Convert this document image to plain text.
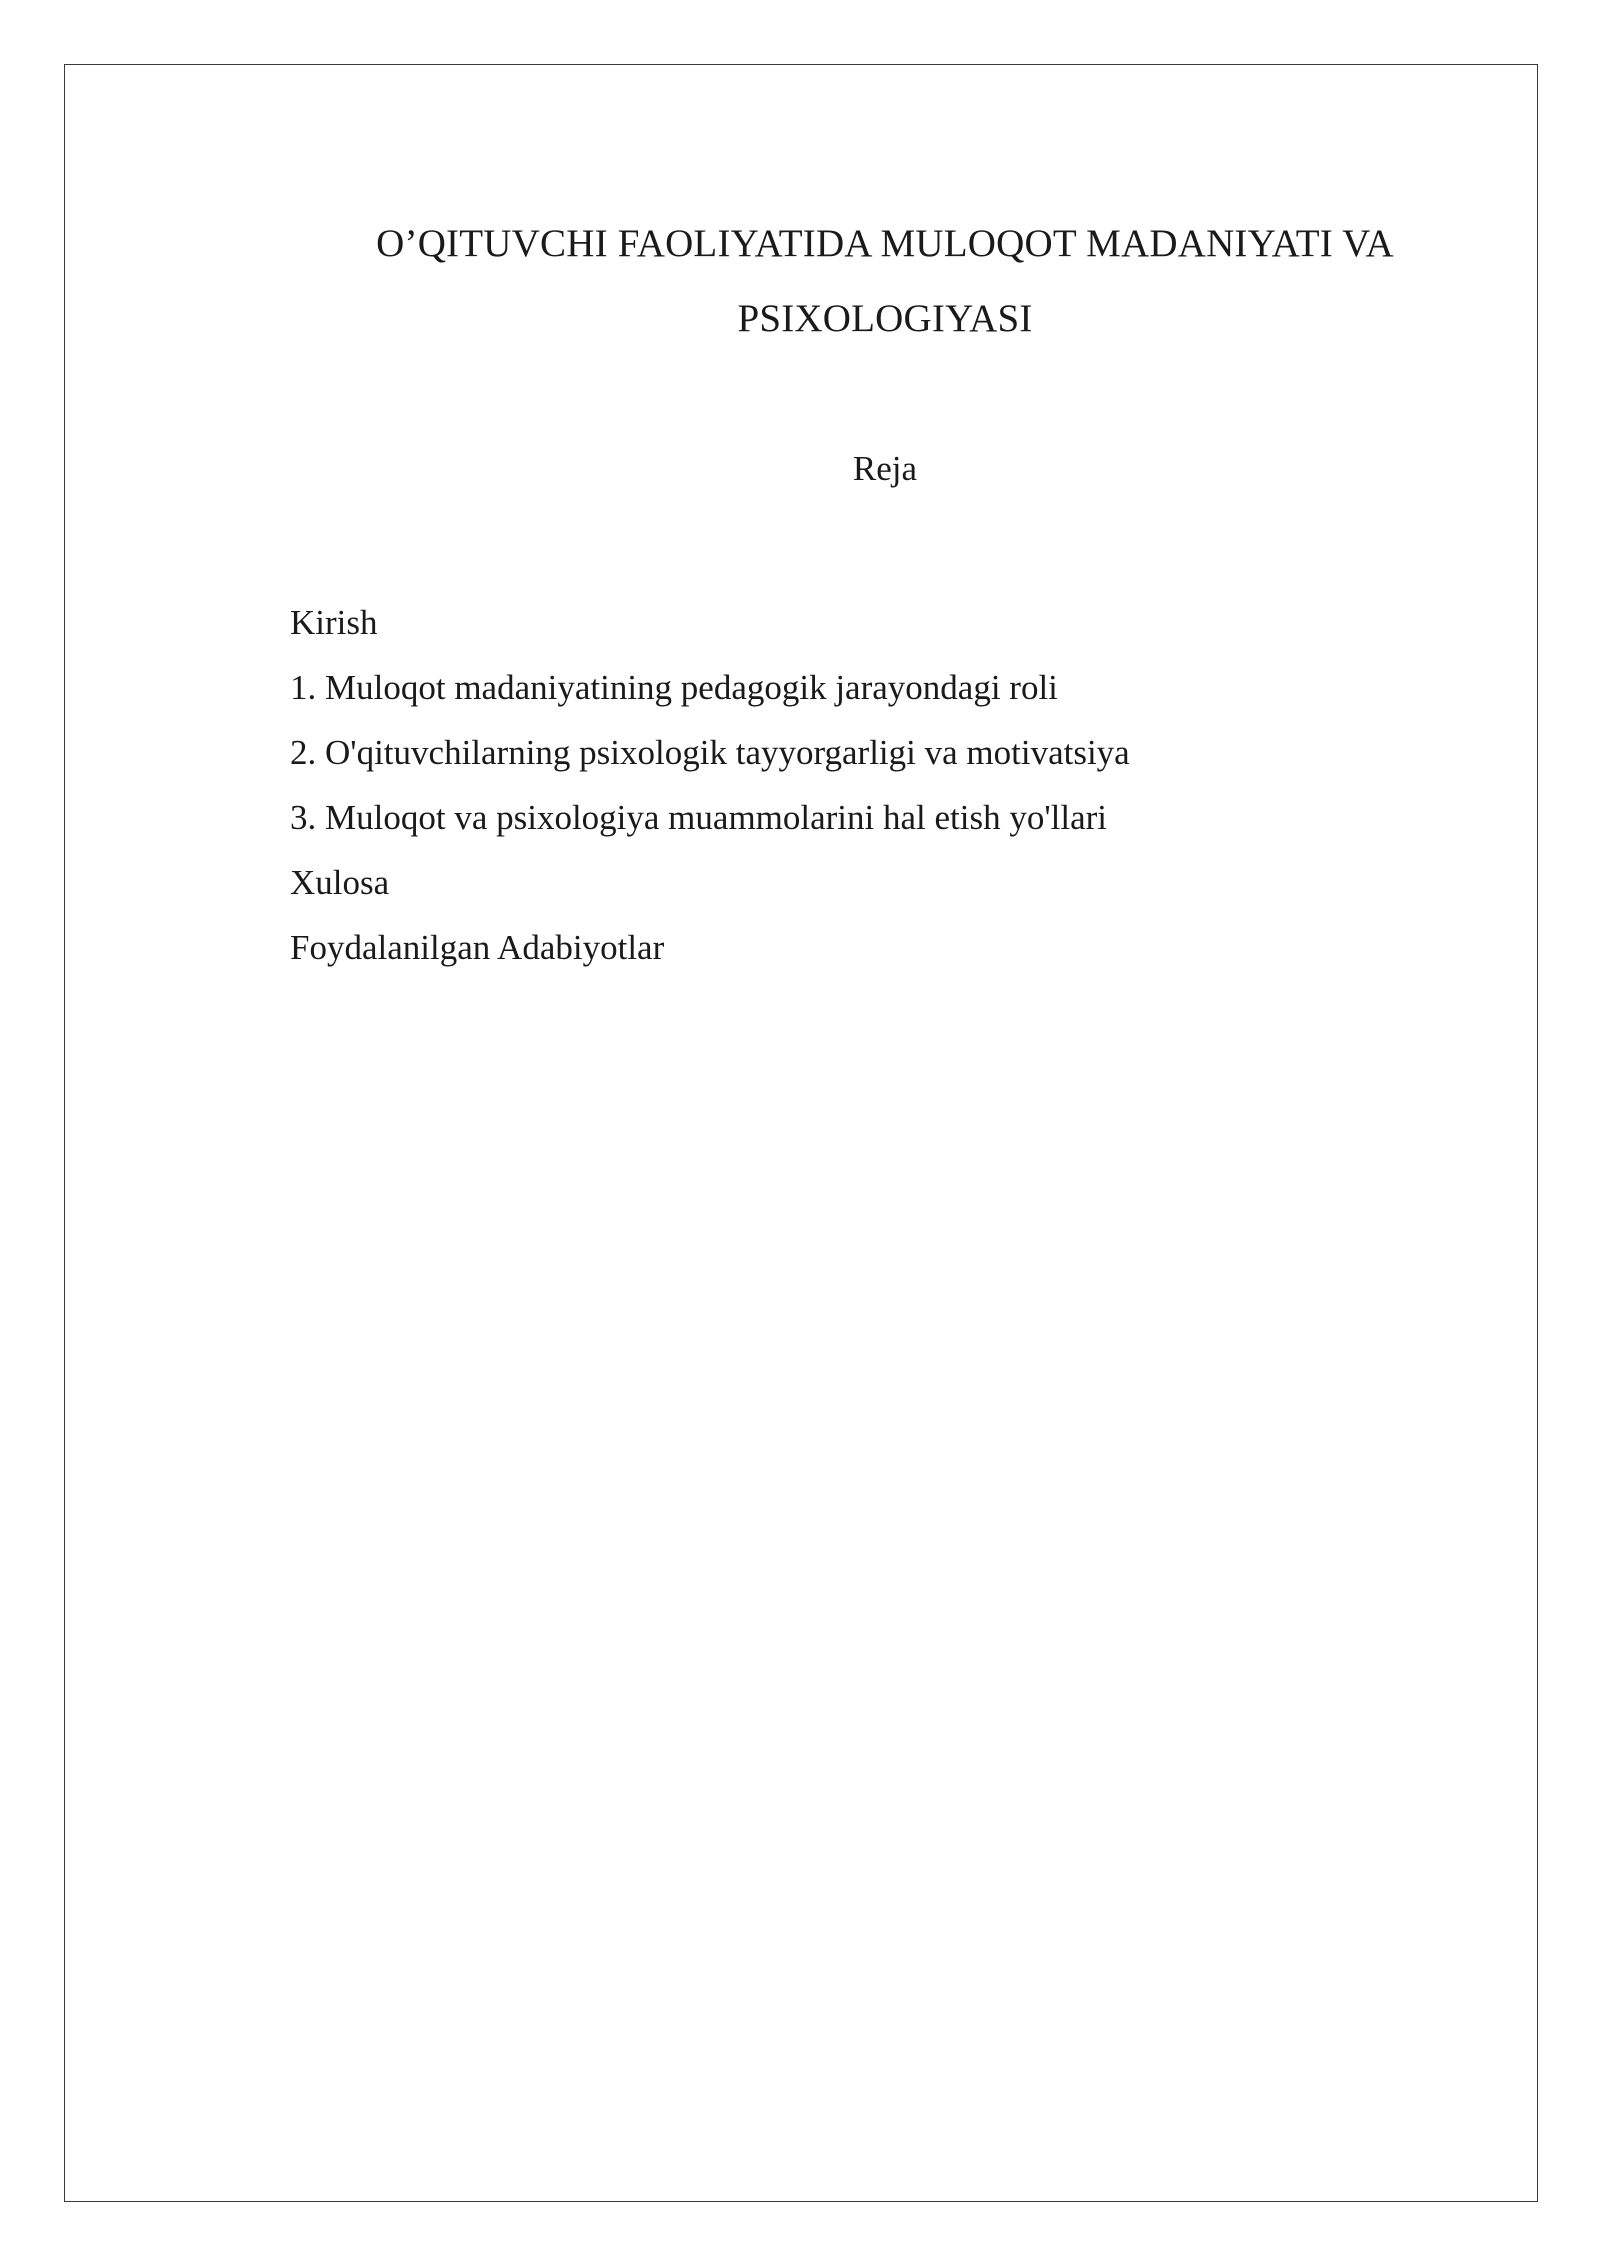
O’QITUVCHI FAOLIYATIDA MULOQOT MADANIYATI VA
PSIXOLOGIYASI
Reja
Kirish
1. Muloqot madaniyatining pedagogik jarayondagi roli
2. O'qituvchilarning psixologik tayyorgarligi va motivatsiya
3. Muloqot va psixologiya muammolarini hal etish yo'llari
Xulosa
Foydalanilgan Adabiyotlar
